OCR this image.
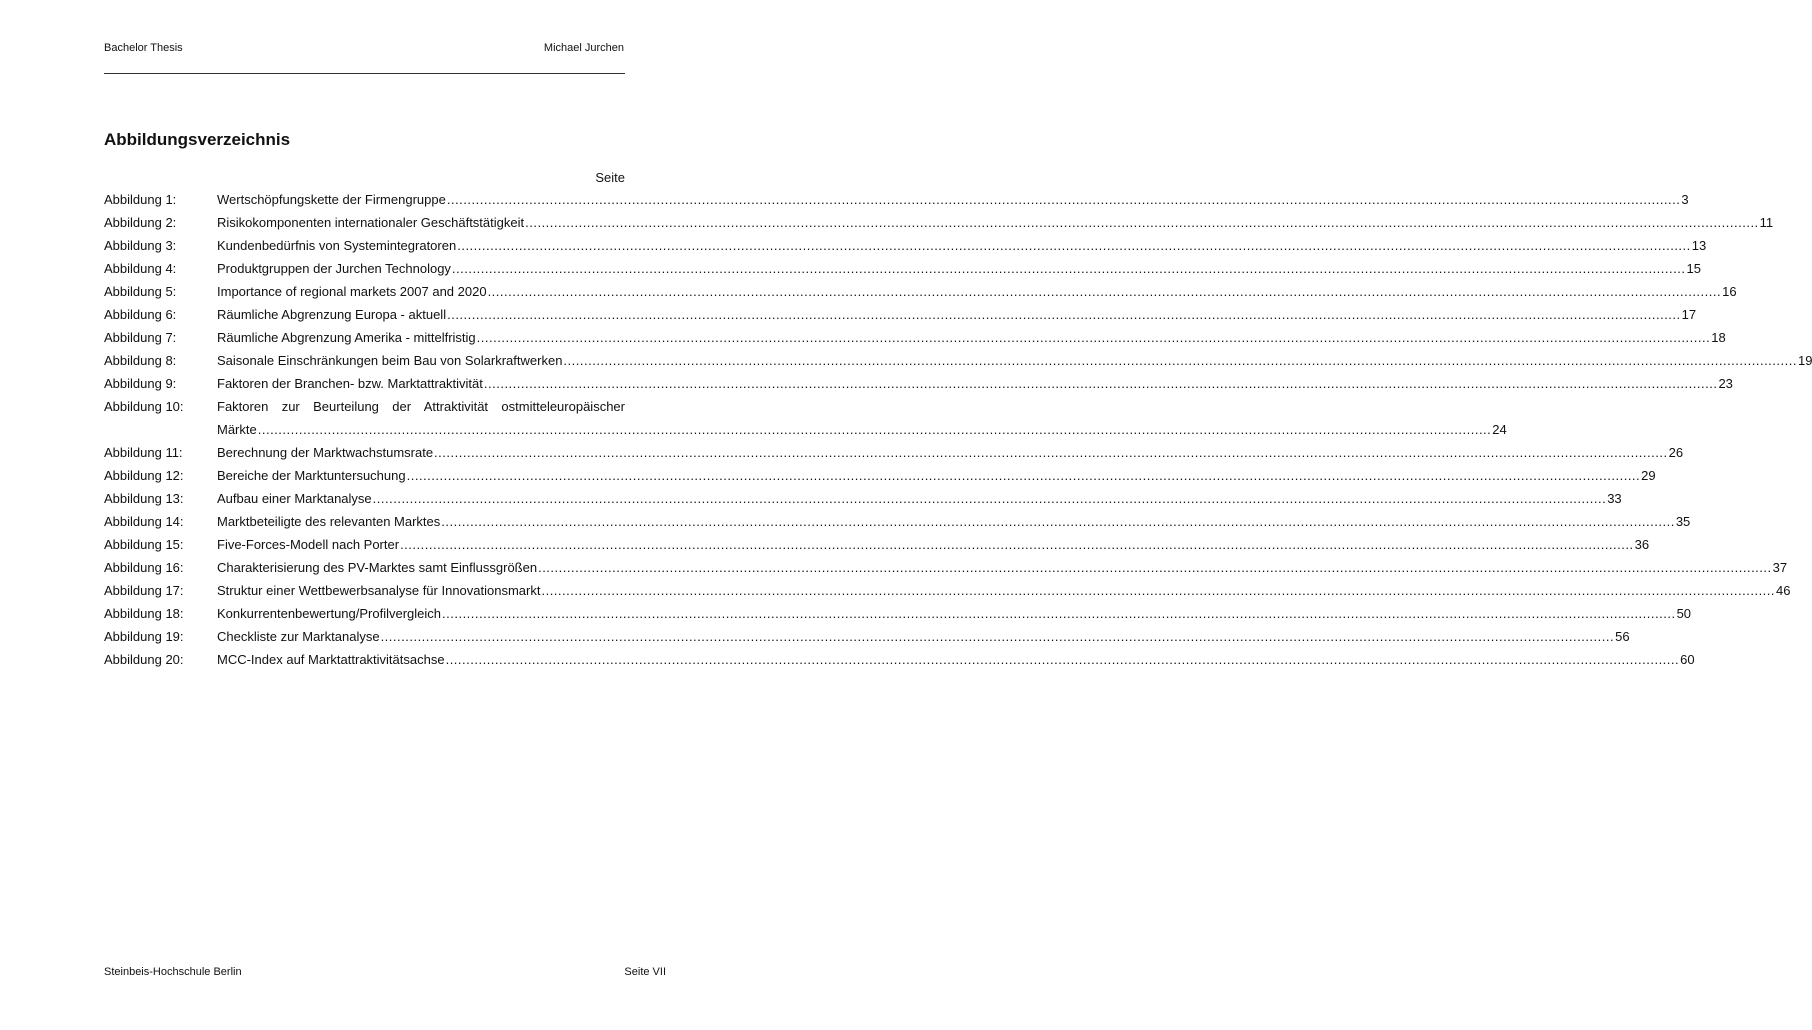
Bachelor Thesis	Michael Jurchen
Abbildungsverzeichnis
Seite
Abbildung 1:	Wertschöpfungskette der Firmengruppe ............................................................................................................................................................................................................................................................................................................ 3
Abbildung 2:	Risikokomponenten internationaler Geschäftstätigkeit ............................................................................................................................................................................................................................................................................................................ 11
Abbildung 3:	Kundenbedürfnis von Systemintegratoren ............................................................................................................................................................................................................................................................................................................ 13
Abbildung 4:	Produktgruppen der Jurchen Technology ............................................................................................................................................................................................................................................................................................................ 15
Abbildung 5:	Importance of regional markets 2007 and 2020 ............................................................................................................................................................................................................................................................................................................ 16
Abbildung 6:	Räumliche Abgrenzung Europa - aktuell ............................................................................................................................................................................................................................................................................................................ 17
Abbildung 7:	Räumliche Abgrenzung Amerika - mittelfristig ............................................................................................................................................................................................................................................................................................................ 18
Abbildung 8:	Saisonale Einschränkungen beim Bau von Solarkraftwerken ............................................................................................................................................................................................................................................................................................................ 19
Abbildung 9:	Faktoren der Branchen- bzw. Marktattraktivität ............................................................................................................................................................................................................................................................................................................ 23
Abbildung 10:	Faktoren zur Beurteilung der Attraktivität ostmitteleuropäischer
Märkte ............................................................................................................................................................................................................................................................................................................ 24
Abbildung 11:	Berechnung der Marktwachstumsrate ............................................................................................................................................................................................................................................................................................................ 26
Abbildung 12:	Bereiche der Marktuntersuchung ............................................................................................................................................................................................................................................................................................................ 29
Abbildung 13:	Aufbau einer Marktanalyse ............................................................................................................................................................................................................................................................................................................ 33
Abbildung 14:	Marktbeteiligte des relevanten Marktes ............................................................................................................................................................................................................................................................................................................ 35
Abbildung 15:	Five-Forces-Modell nach Porter ............................................................................................................................................................................................................................................................................................................ 36
Abbildung 16:	Charakterisierung des PV-Marktes samt Einflussgrößen ............................................................................................................................................................................................................................................................................................................ 37
Abbildung 17:	Struktur einer Wettbewerbsanalyse für Innovationsmarkt ............................................................................................................................................................................................................................................................................................................ 46
Abbildung 18:	Konkurrentenbewertung/Profilvergleich ............................................................................................................................................................................................................................................................................................................ 50
Abbildung 19:	Checkliste zur Marktanalyse ............................................................................................................................................................................................................................................................................................................ 56
Abbildung 20:	MCC-Index auf Marktattraktivitätsachse ............................................................................................................................................................................................................................................................................................................ 60
Steinbeis-Hochschule Berlin	Seite VII
